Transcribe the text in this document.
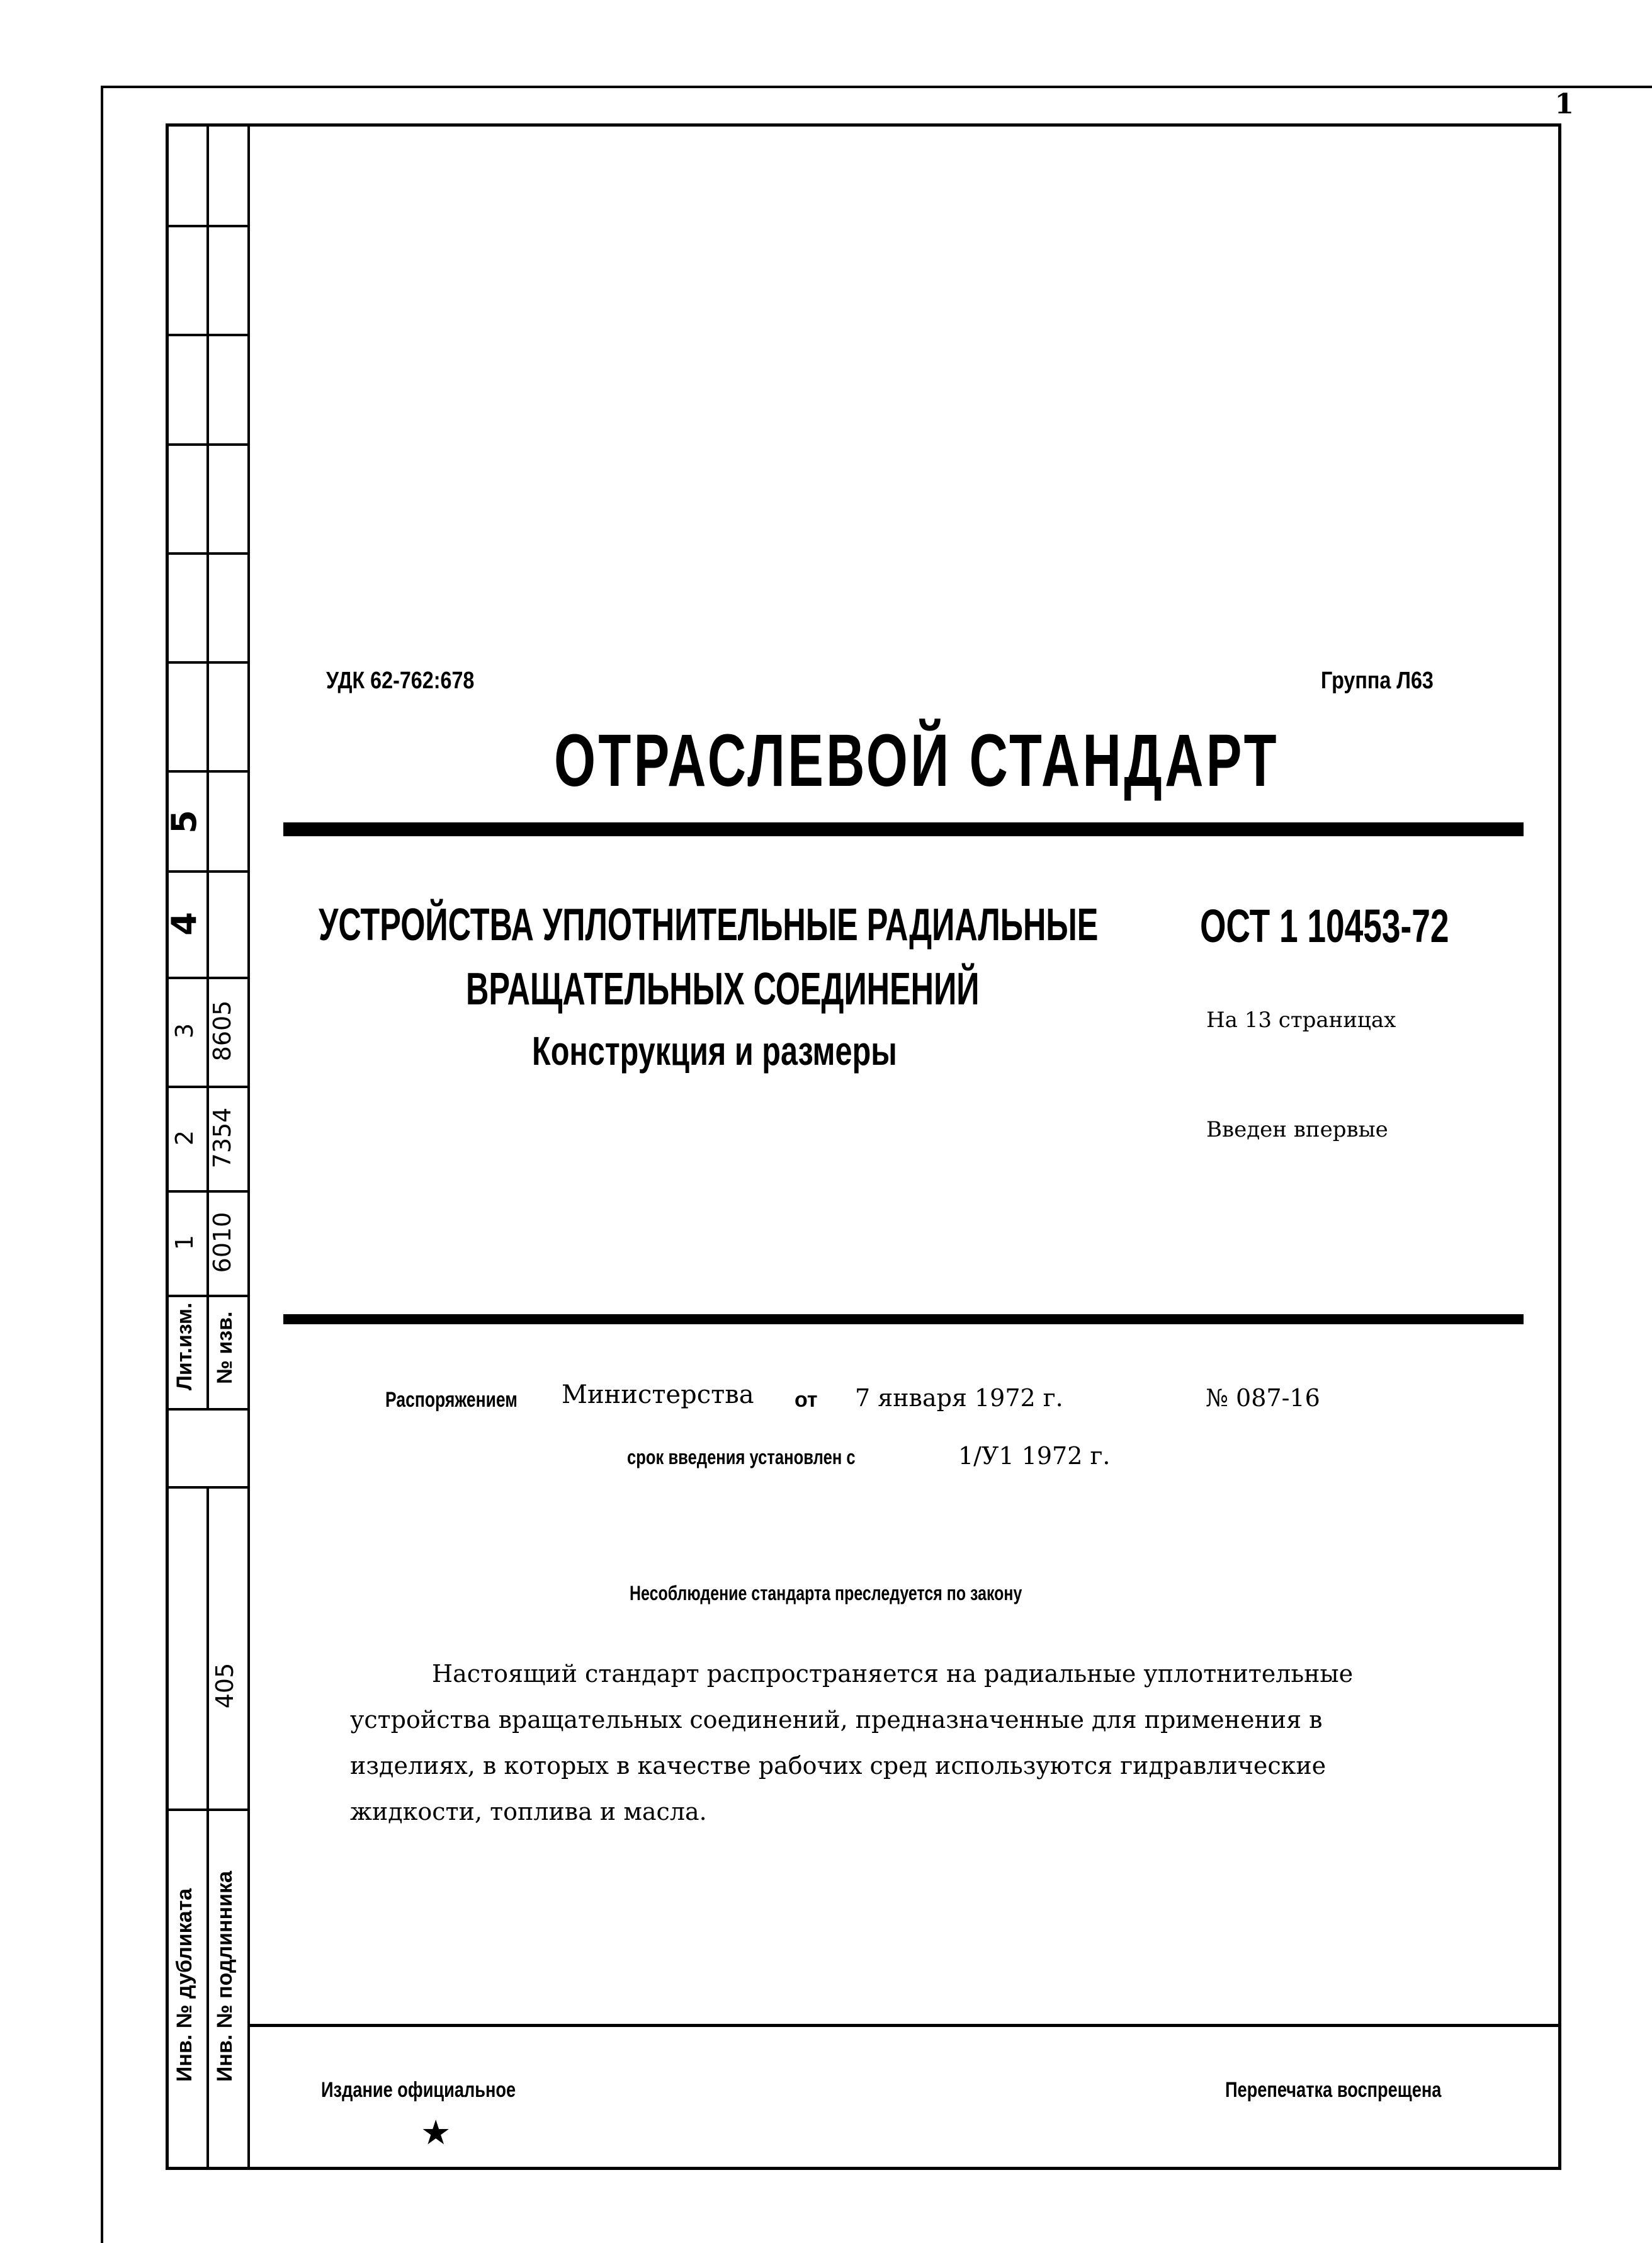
1
5
4
3 8605
2 7354
1 6010
Лит.изм. № изв.
405
Инв. № дубликата Инв. № подлинника
УДК 62-762:678	Группа Л63
ОТРАСЛЕВОЙ СТАНДАРТ
УСТРОЙСТВА УПЛОТНИТЕЛЬНЫЕ РАДИАЛЬНЫЕ
ВРАЩАТЕЛЬНЫХ СОЕДИНЕНИЙ
Конструкция и размеры
ОСТ 1 10453-72
На 13 страницах
Введен впервые
Распоряжением	Министерства от 7 января 1972 г.	№ 087-16
срок введения установлен с	1/У1 1972 г.
Несоблюдение стандарта преследуется по закону
Настоящий стандарт распространяется на радиальные уплотнительные
устройства вращательных соединений, предназначенные для применения в
изделиях, в которых в качестве рабочих сред используются гидравлические
жидкости, топлива и масла.
Издание официальное
★
Перепечатка воспрещена
